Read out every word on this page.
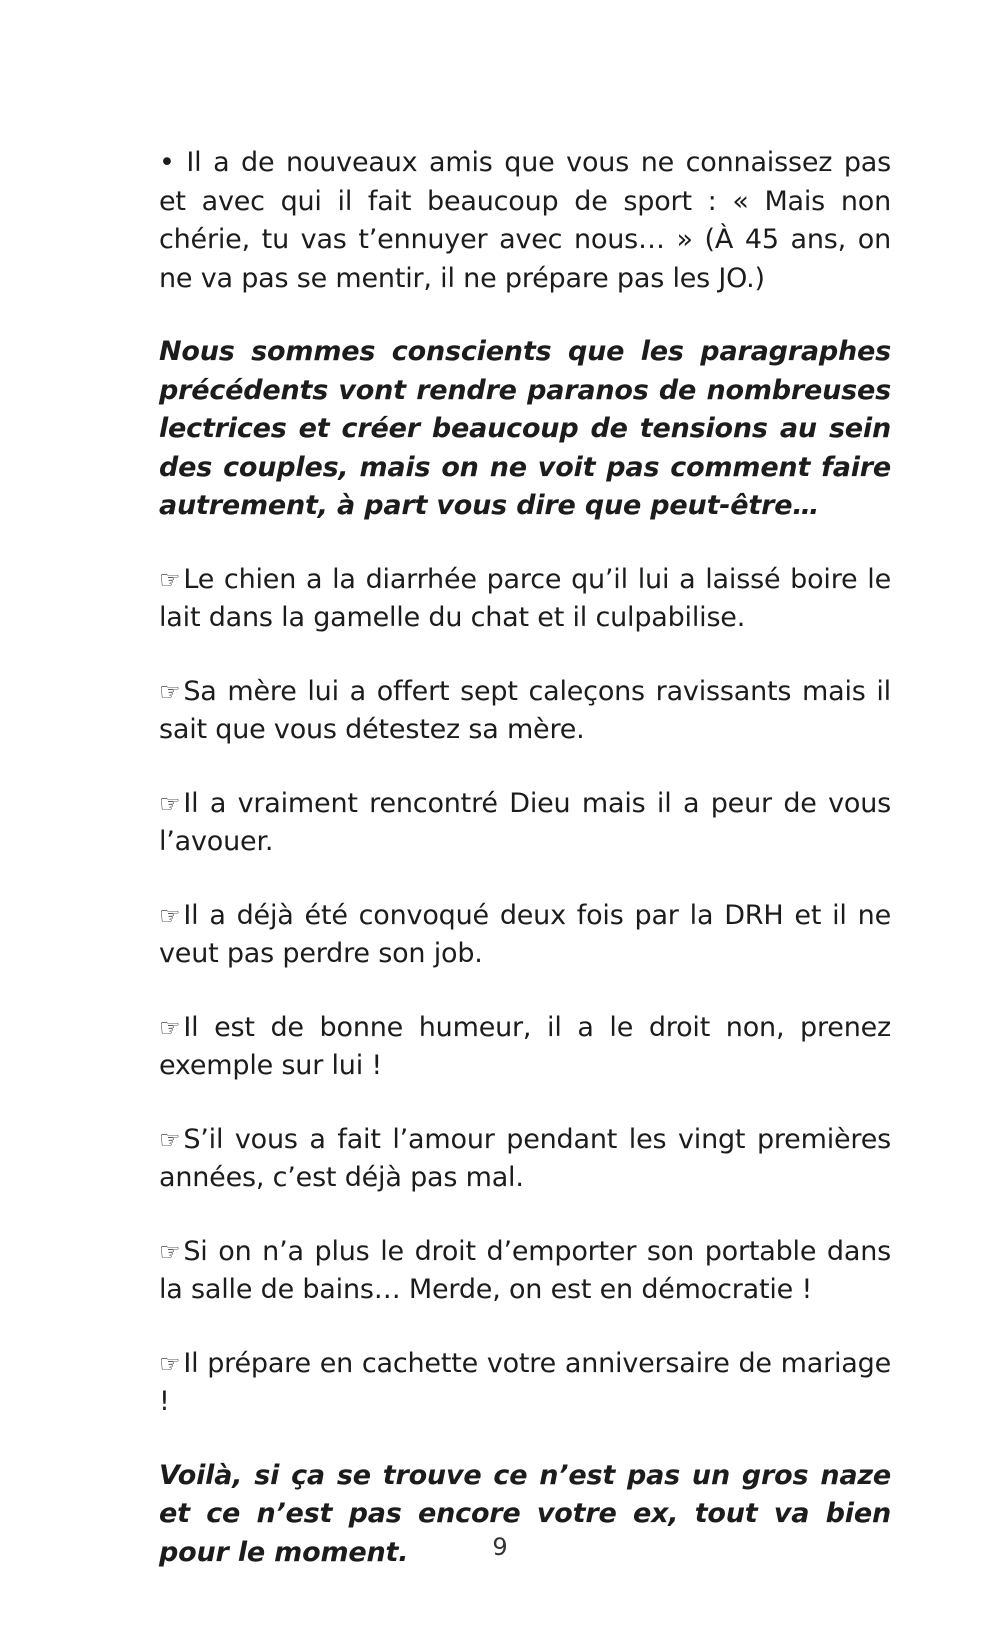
• Il a de nouveaux amis que vous ne connaissez pas et avec qui il fait beaucoup de sport : « Mais non chérie, tu vas t’ennuyer avec nous… » (À 45 ans, on ne va pas se mentir, il ne prépare pas les JO.)

Nous sommes conscients que les paragraphes précédents vont rendre paranos de nombreuses lectrices et créer beaucoup de tensions au sein des couples, mais on ne voit pas comment faire autrement, à part vous dire que peut-être…

☞ Le chien a la diarrhée parce qu’il lui a laissé boire le lait dans la gamelle du chat et il culpabilise.

☞ Sa mère lui a offert sept caleçons ravissants mais il sait que vous détestez sa mère.

☞ Il a vraiment rencontré Dieu mais il a peur de vous l’avouer.

☞ Il a déjà été convoqué deux fois par la DRH et il ne veut pas perdre son job.

☞ Il est de bonne humeur, il a le droit non, prenez exemple sur lui !

☞ S’il vous a fait l’amour pendant les vingt premières années, c’est déjà pas mal.

☞ Si on n’a plus le droit d’emporter son portable dans la salle de bains… Merde, on est en démocratie !

☞ Il prépare en cachette votre anniversaire de mariage !

Voilà, si ça se trouve ce n’est pas un gros naze et ce n’est pas encore votre ex, tout va bien pour le moment.	9
